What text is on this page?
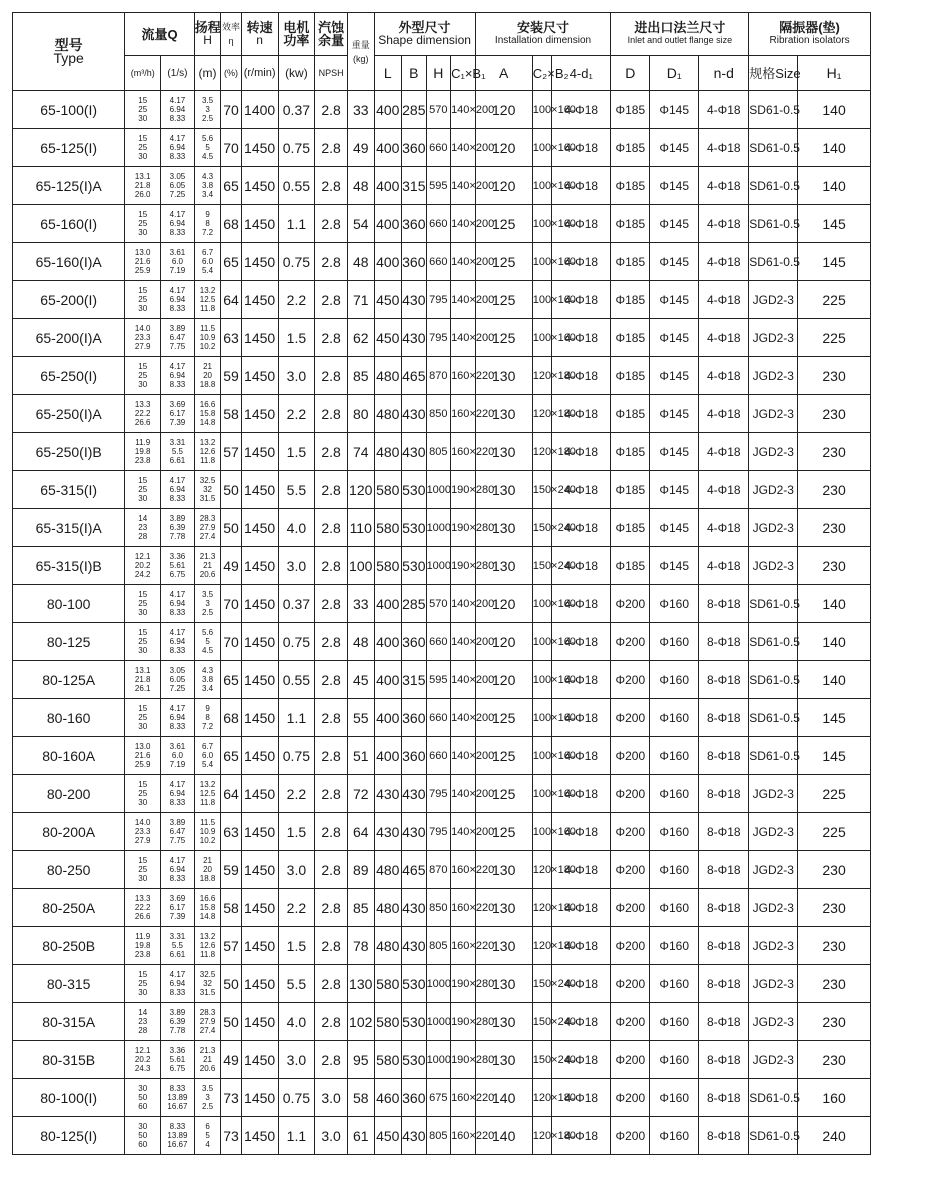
型号
Type	流量Q		扬程
H	效率
η	转速
n	电机功率	汽蚀余量	重量
(kg)	外型尺寸
Shape dimension				安装尺寸
Installation dimension			进出口法兰尺寸
Inlet and outlet flange size			隔振器(垫)
Ribration isolators	

	(m³/h)	(1/s)	(m)	(%)	(r/min)	(kw)	NPSH		L	B	H	C₁×B₁	A	C₂×B₂	4-d₁	D	D₁	n-d	规格Size	H₁
65-100(I)	15
25
30	4.17
6.94
8.33	3.5
3
2.5	70	1400	0.37	2.8	33	400	285	570	140×200	120	100×160	4-Φ18	Φ185	Φ145	4-Φ18	SD61-0.5	140
65-125(I)	15
25
30	4.17
6.94
8.33	5.6
5
4.5	70	1450	0.75	2.8	49	400	360	660	140×200	120	100×160	4-Φ18	Φ185	Φ145	4-Φ18	SD61-0.5	140
65-125(I)A	13.1
21.8
26.0	3.05
6.05
7.25	4.3
3.8
3.4	65	1450	0.55	2.8	48	400	315	595	140×200	120	100×160	4-Φ18	Φ185	Φ145	4-Φ18	SD61-0.5	140
65-160(I)	15
25
30	4.17
6.94
8.33	9
8
7.2	68	1450	1.1	2.8	54	400	360	660	140×200	125	100×160	4-Φ18	Φ185	Φ145	4-Φ18	SD61-0.5	145
65-160(I)A	13.0
21.6
25.9	3.61
6.0
7.19	6.7
6.0
5.4	65	1450	0.75	2.8	48	400	360	660	140×200	125	100×160	4-Φ18	Φ185	Φ145	4-Φ18	SD61-0.5	145
65-200(I)	15
25
30	4.17
6.94
8.33	13.2
12.5
11.8	64	1450	2.2	2.8	71	450	430	795	140×200	125	100×160	4-Φ18	Φ185	Φ145	4-Φ18	JGD2-3	225
65-200(I)A	14.0
23.3
27.9	3.89
6.47
7.75	11.5
10.9
10.2	63	1450	1.5	2.8	62	450	430	795	140×200	125	100×160	4-Φ18	Φ185	Φ145	4-Φ18	JGD2-3	225
65-250(I)	15
25
30	4.17
6.94
8.33	21
20
18.8	59	1450	3.0	2.8	85	480	465	870	160×220	130	120×180	4-Φ18	Φ185	Φ145	4-Φ18	JGD2-3	230
65-250(I)A	13.3
22.2
26.6	3.69
6.17
7.39	16.6
15.8
14.8	58	1450	2.2	2.8	80	480	430	850	160×220	130	120×180	4-Φ18	Φ185	Φ145	4-Φ18	JGD2-3	230
65-250(I)B	11.9
19.8
23.8	3.31
5.5
6.61	13.2
12.6
11.8	57	1450	1.5	2.8	74	480	430	805	160×220	130	120×180	4-Φ18	Φ185	Φ145	4-Φ18	JGD2-3	230
65-315(I)	15
25
30	4.17
6.94
8.33	32.5
32
31.5	50	1450	5.5	2.8	120	580	530	1000	190×280	130	150×240	4-Φ18	Φ185	Φ145	4-Φ18	JGD2-3	230
65-315(I)A	14
23
28	3.89
6.39
7.78	28.3
27.9
27.4	50	1450	4.0	2.8	110	580	530	1000	190×280	130	150×240	4-Φ18	Φ185	Φ145	4-Φ18	JGD2-3	230
65-315(I)B	12.1
20.2
24.2	3.36
5.61
6.75	21.3
21
20.6	49	1450	3.0	2.8	100	580	530	1000	190×280	130	150×240	4-Φ18	Φ185	Φ145	4-Φ18	JGD2-3	230
80-100	15
25
30	4.17
6.94
8.33	3.5
3
2.5	70	1450	0.37	2.8	33	400	285	570	140×200	120	100×160	4-Φ18	Φ200	Φ160	8-Φ18	SD61-0.5	140
80-125	15
25
30	4.17
6.94
8.33	5.6
5
4.5	70	1450	0.75	2.8	48	400	360	660	140×200	120	100×160	4-Φ18	Φ200	Φ160	8-Φ18	SD61-0.5	140
80-125A	13.1
21.8
26.1	3.05
6.05
7.25	4.3
3.8
3.4	65	1450	0.55	2.8	45	400	315	595	140×200	120	100×160	4-Φ18	Φ200	Φ160	8-Φ18	SD61-0.5	140
80-160	15
25
30	4.17
6.94
8.33	9
8
7.2	68	1450	1.1	2.8	55	400	360	660	140×200	125	100×160	4-Φ18	Φ200	Φ160	8-Φ18	SD61-0.5	145
80-160A	13.0
21.6
25.9	3.61
6.0
7.19	6.7
6.0
5.4	65	1450	0.75	2.8	51	400	360	660	140×200	125	100×160	4-Φ18	Φ200	Φ160	8-Φ18	SD61-0.5	145
80-200	15
25
30	4.17
6.94
8.33	13.2
12.5
11.8	64	1450	2.2	2.8	72	430	430	795	140×200	125	100×160	4-Φ18	Φ200	Φ160	8-Φ18	JGD2-3	225
80-200A	14.0
23.3
27.9	3.89
6.47
7.75	11.5
10.9
10.2	63	1450	1.5	2.8	64	430	430	795	140×200	125	100×160	4-Φ18	Φ200	Φ160	8-Φ18	JGD2-3	225
80-250	15
25
30	4.17
6.94
8.33	21
20
18.8	59	1450	3.0	2.8	89	480	465	870	160×220	130	120×180	4-Φ18	Φ200	Φ160	8-Φ18	JGD2-3	230
80-250A	13.3
22.2
26.6	3.69
6.17
7.39	16.6
15.8
14.8	58	1450	2.2	2.8	85	480	430	850	160×220	130	120×180	4-Φ18	Φ200	Φ160	8-Φ18	JGD2-3	230
80-250B	11.9
19.8
23.8	3.31
5.5
6.61	13.2
12.6
11.8	57	1450	1.5	2.8	78	480	430	805	160×220	130	120×180	4-Φ18	Φ200	Φ160	8-Φ18	JGD2-3	230
80-315	15
25
30	4.17
6.94
8.33	32.5
32
31.5	50	1450	5.5	2.8	130	580	530	1000	190×280	130	150×240	4-Φ18	Φ200	Φ160	8-Φ18	JGD2-3	230
80-315A	14
23
28	3.89
6.39
7.78	28.3
27.9
27.4	50	1450	4.0	2.8	102	580	530	1000	190×280	130	150×240	4-Φ18	Φ200	Φ160	8-Φ18	JGD2-3	230
80-315B	12.1
20.2
24.3	3.36
5.61
6.75	21.3
21
20.6	49	1450	3.0	2.8	95	580	530	1000	190×280	130	150×240	4-Φ18	Φ200	Φ160	8-Φ18	JGD2-3	230
80-100(I)	30
50
60	8.33
13.89
16.67	3.5
3
2.5	73	1450	0.75	3.0	58	460	360	675	160×220	140	120×180	4-Φ18	Φ200	Φ160	8-Φ18	SD61-0.5	160
80-125(I)	30
50
60	8.33
13.89
16.67	6
5
4	73	1450	1.1	3.0	61	450	430	805	160×220	140	120×180	4-Φ18	Φ200	Φ160	8-Φ18	SD61-0.5	240
